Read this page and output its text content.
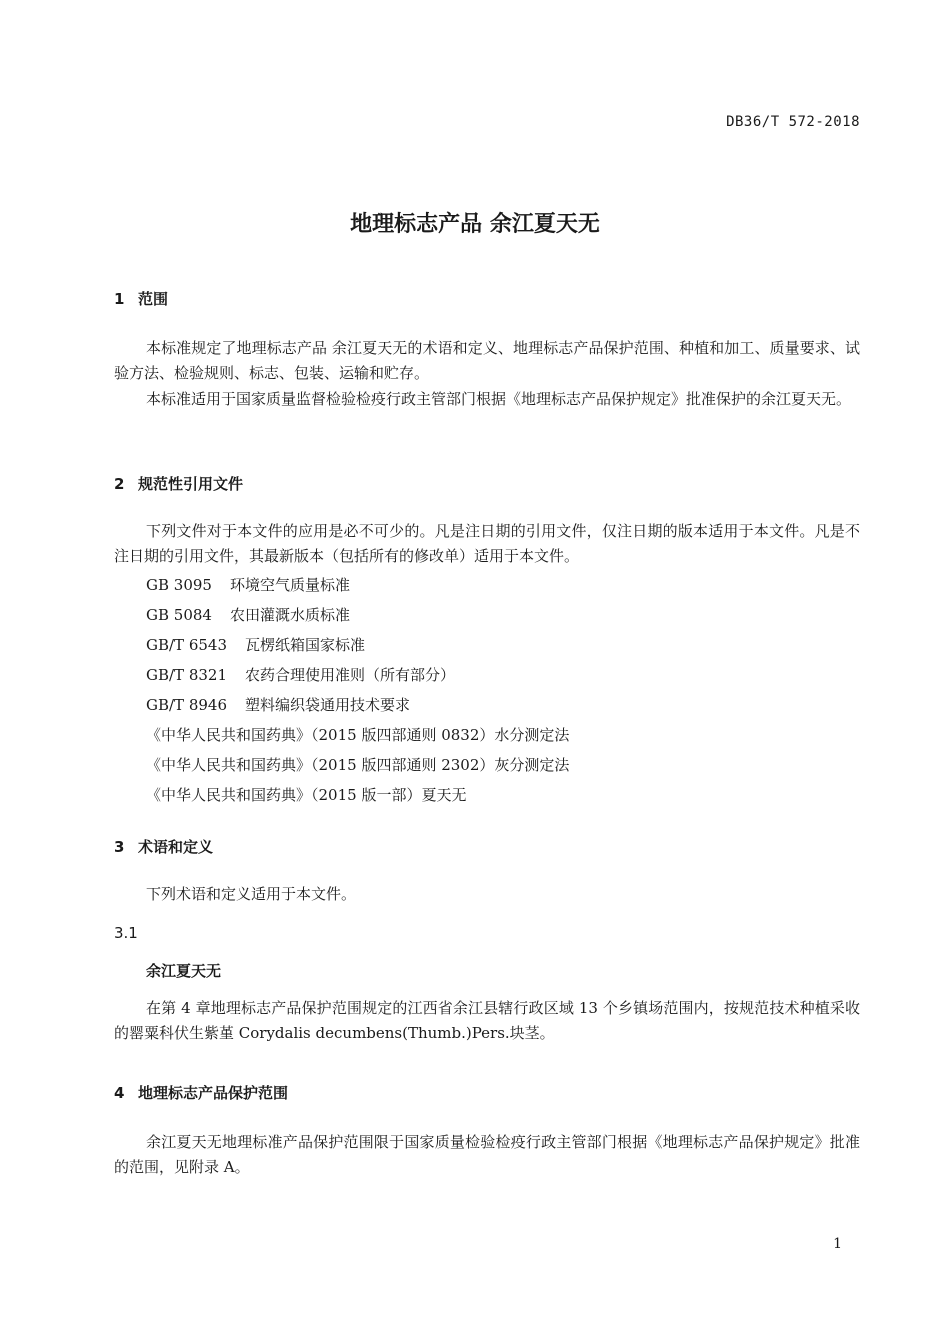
DB36/T 572-2018
地理标志产品 余江夏天无
1 范围
本标准规定了地理标志产品 余江夏天无的术语和定义、地理标志产品保护范围、种植和加工、质量要求、试验方法、检验规则、标志、包装、运输和贮存。
本标准适用于国家质量监督检验检疫行政主管部门根据《地理标志产品保护规定》批准保护的余江夏天无。
2 规范性引用文件
下列文件对于本文件的应用是必不可少的。凡是注日期的引用文件，仅注日期的版本适用于本文件。凡是不注日期的引用文件，其最新版本（包括所有的修改单）适用于本文件。
GB 3095 环境空气质量标准
GB 5084 农田灌溉水质标准
GB/T 6543 瓦楞纸箱国家标准
GB/T 8321 农药合理使用准则（所有部分）
GB/T 8946 塑料编织袋通用技术要求
《中华人民共和国药典》（2015 版四部通则 0832）水分测定法
《中华人民共和国药典》（2015 版四部通则 2302）灰分测定法
《中华人民共和国药典》（2015 版一部）夏天无
3 术语和定义
下列术语和定义适用于本文件。
3.1
余江夏天无
在第 4 章地理标志产品保护范围规定的江西省余江县辖行政区域 13 个乡镇场范围内，按规范技术种植采收的罂粟科伏生紫堇 Corydalis decumbens(Thumb.)Pers.块茎。
4 地理标志产品保护范围
余江夏天无地理标准产品保护范围限于国家质量检验检疫行政主管部门根据《地理标志产品保护规定》批准的范围，见附录 A。
1
